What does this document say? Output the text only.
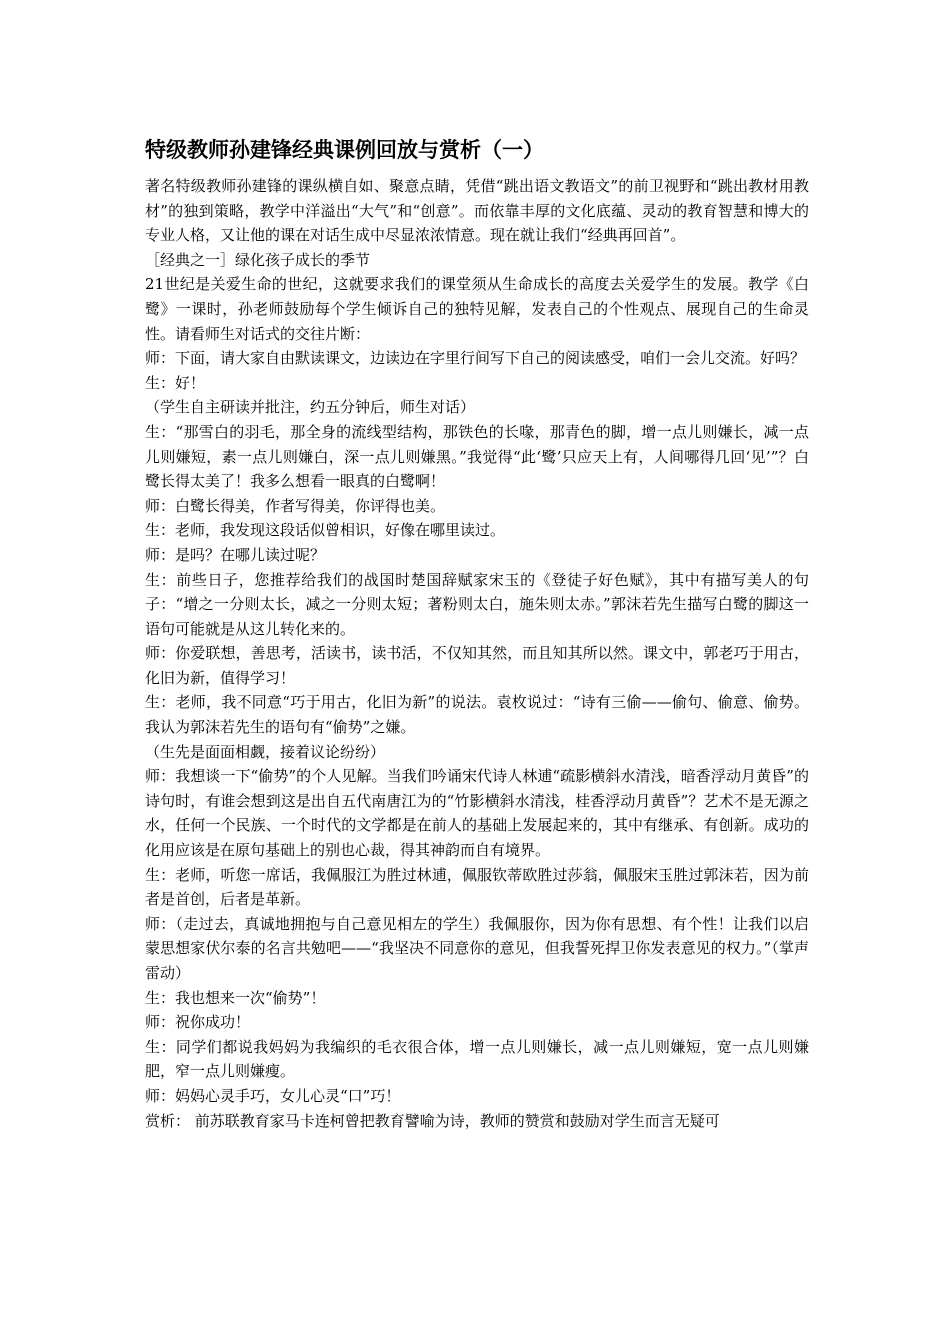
特级教师孙建锋经典课例回放与赏析（一）

著名特级教师孙建锋的课纵横自如、聚意点睛，凭借“跳出语文教语文”的前卫视野和“跳出教材用教材”的独到策略，教学中洋溢出“大气”和“创意”。而依靠丰厚的文化底蕴、灵动的教育智慧和博大的专业人格，又让他的课在对话生成中尽显浓浓情意。现在就让我们“经典再回首”。

［经典之一］绿化孩子成长的季节

21世纪是关爱生命的世纪，这就要求我们的课堂须从生命成长的高度去关爱学生的发展。教学《白鹭》一课时，孙老师鼓励每个学生倾诉自己的独特见解，发表自己的个性观点、展现自己的生命灵性。请看师生对话式的交往片断：

师：下面，请大家自由默读课文，边读边在字里行间写下自己的阅读感受，咱们一会儿交流。好吗？

生：好！

（学生自主研读并批注，约五分钟后，师生对话）

生：“那雪白的羽毛，那全身的流线型结构，那铁色的长喙，那青色的脚，增一点儿则嫌长，减一点儿则嫌短，素一点儿则嫌白，深一点儿则嫌黑。”我觉得“此‘鹭’只应天上有，人间哪得几回‘见’”？白鹭长得太美了！我多么想看一眼真的白鹭啊！

师：白鹭长得美，作者写得美，你评得也美。

生：老师，我发现这段话似曾相识，好像在哪里读过。

师：是吗？在哪儿读过呢？

生：前些日子，您推荐给我们的战国时楚国辞赋家宋玉的《登徒子好色赋》，其中有描写美人的句子：“增之一分则太长，减之一分则太短；著粉则太白，施朱则太赤。”郭沫若先生描写白鹭的脚这一语句可能就是从这儿转化来的。

师：你爱联想，善思考，活读书，读书活，不仅知其然，而且知其所以然。课文中，郭老巧于用古，化旧为新，值得学习！

生：老师，我不同意“巧于用古，化旧为新”的说法。袁枚说过：“诗有三偷——偷句、偷意、偷势。我认为郭沫若先生的语句有“偷势”之嫌。

（生先是面面相觑，接着议论纷纷）

师：我想谈一下“偷势”的个人见解。当我们吟诵宋代诗人林逋“疏影横斜水清浅，暗香浮动月黄昏”的诗句时，有谁会想到这是出自五代南唐江为的“竹影横斜水清浅，桂香浮动月黄昏”？艺术不是无源之水，任何一个民族、一个时代的文学都是在前人的基础上发展起来的，其中有继承、有创新。成功的化用应该是在原句基础上的别也心裁，得其神韵而自有境界。

生：老师，听您一席话，我佩服江为胜过林逋，佩服钦蒂欧胜过莎翁，佩服宋玉胜过郭沫若，因为前者是首创，后者是革新。

师：（走过去，真诚地拥抱与自己意见相左的学生）我佩服你，因为你有思想、有个性！让我们以启蒙思想家伏尔泰的名言共勉吧——“我坚决不同意你的意见，但我誓死捍卫你发表意见的权力。”（掌声雷动）

生：我也想来一次“偷势”！

师：祝你成功！

生：同学们都说我妈妈为我编织的毛衣很合体，增一点儿则嫌长，减一点儿则嫌短，宽一点儿则嫌肥，窄一点儿则嫌瘦。

师：妈妈心灵手巧，女儿心灵“口”巧！

赏析： 前苏联教育家马卡连柯曾把教育譬喻为诗，教师的赞赏和鼓励对学生而言无疑可
